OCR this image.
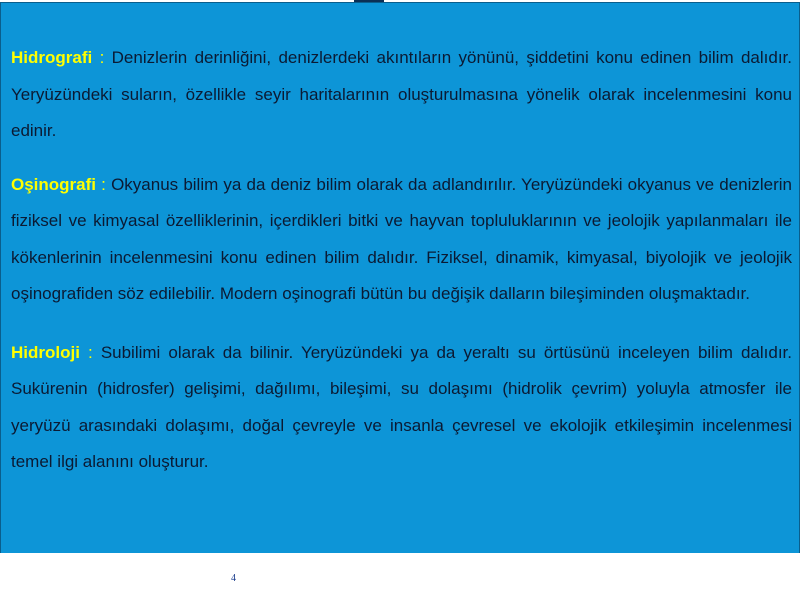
Hidrografi : Denizlerin derinliğini, denizlerdeki akıntıların yönünü, şiddetini konu edinen bilim dalıdır. Yeryüzündeki suların, özellikle seyir haritalarının oluşturulmasına yönelik olarak incelenmesini konu edinir.

Oşinografi : Okyanus bilim ya da deniz bilim olarak da adlandırılır. Yeryüzündeki okyanus ve denizlerin fiziksel ve kimyasal özelliklerinin, içerdikleri bitki ve hayvan topluluklarının ve jeolojik yapılanmaları ile kökenlerinin incelenmesini konu edinen bilim dalıdır. Fiziksel, dinamik, kimyasal, biyolojik ve jeolojik oşinografiden söz edilebilir. Modern oşinografi bütün bu değişik dalların bileşiminden oluşmaktadır.

Hidroloji : Subilimi olarak da bilinir. Yeryüzündeki ya da yeraltı su örtüsünü inceleyen bilim dalıdır. Sukürenin (hidrosfer) gelişimi, dağılımı, bileşimi, su dolaşımı (hidrolik çevrim) yoluyla atmosfer ile yeryüzü arasındaki dolaşımı, doğal çevreyle ve insanla çevresel ve ekolojik etkileşimin incelenmesi temel ilgi alanını oluşturur.

4
